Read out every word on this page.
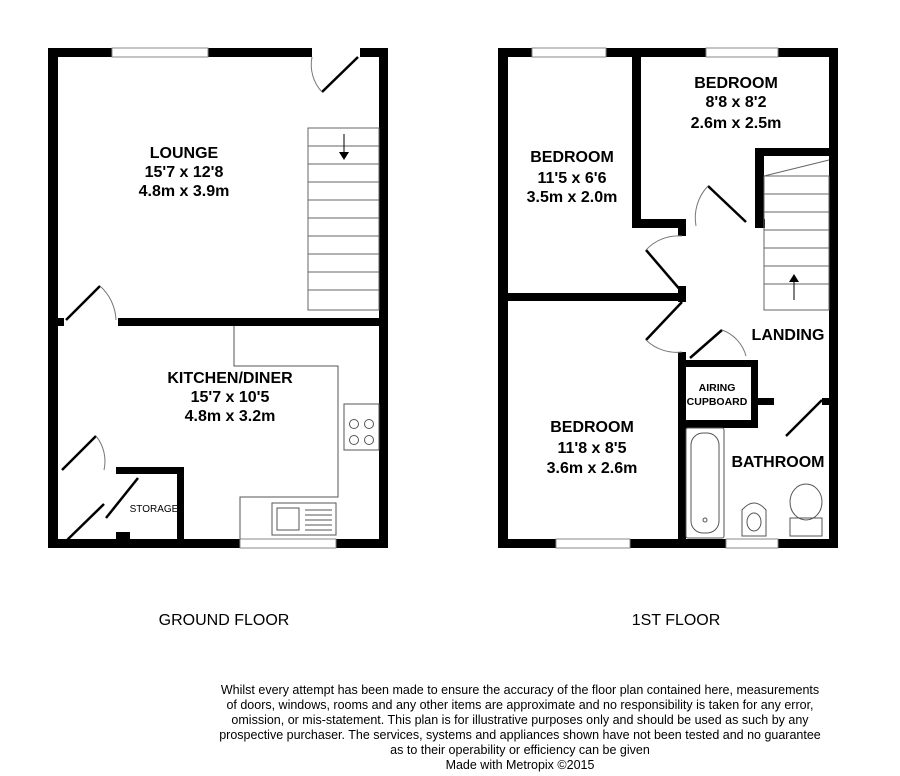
LOUNGE
15'7 x 12'8
4.8m x 3.9m
KITCHEN/DINER
15'7 x 10'5
4.8m x 3.2m
STORAGE
GROUND FLOOR
BEDROOM
8'8 x 8'2
2.6m x 2.5m
BEDROOM
11'5 x 6'6
3.5m x 2.0m
BEDROOM
11'8 x 8'5
3.6m x 2.6m
LANDING
AIRING
CUPBOARD
BATHROOM
1ST FLOOR
Whilst every attempt has been made to ensure the accuracy of the floor plan contained here, measurements
of doors, windows, rooms and any other items are approximate and no responsibility is taken for any error,
omission, or mis-statement. This plan is for illustrative purposes only and should be used as such by any
prospective purchaser. The services, systems and appliances shown have not been tested and no guarantee
as to their operability or efficiency can be given
Made with Metropix ©2015
